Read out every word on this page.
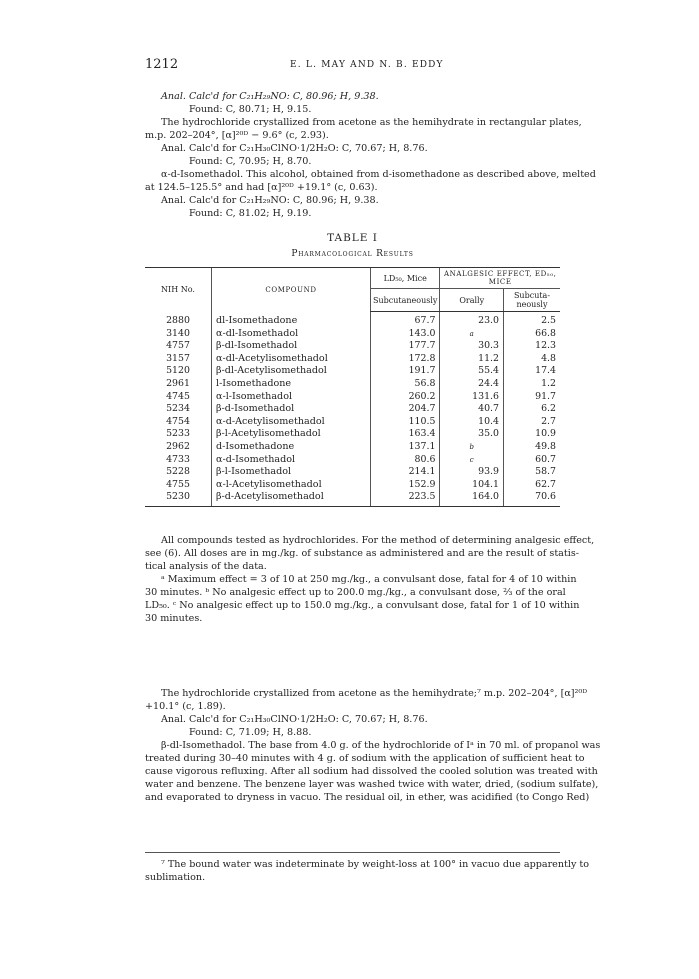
1212	E. L. MAY AND N. B. EDDY
Anal. Calc'd for C₂₁H₂₉NO: C, 80.96; H, 9.38.
Found: C, 80.71; H, 9.15.
The hydrochloride crystallized from acetone as the hemihydrate in rectangular plates,
m.p. 202–204°, [α]²⁰ᴰ − 9.6° (c, 2.93).
Anal. Calc'd for C₂₁H₃₀ClNO·1/2H₂O: C, 70.67; H, 8.76.
Found: C, 70.95; H, 8.70.
α-d-Isomethadol. This alcohol, obtained from d-isomethadone as described above, melted
at 124.5–125.5° and had [α]²⁰ᴰ +19.1° (c, 0.63).
Anal. Calc'd for C₂₁H₂₉NO: C, 80.96; H, 9.38.
Found: C, 81.02; H, 9.19.
TABLE I
Pharmacological Results
NIH No.	COMPOUND	LD₅₀, Mice	ANALGESIC EFFECT, ED₅₀, MICE	
		Subcutaneously	Orally	Subcuta-neously
2880	dl-Isomethadone	67.7	23.0	2.5
3140	α-dl-Isomethadol	143.0	a	66.8
4757	β-dl-Isomethadol	177.7	30.3	12.3
3157	α-dl-Acetylisomethadol	172.8	11.2	4.8
5120	β-dl-Acetylisomethadol	191.7	55.4	17.4
2961	l-Isomethadone	56.8	24.4	1.2
4745	α-l-Isomethadol	260.2	131.6	91.7
5234	β-d-Isomethadol	204.7	40.7	6.2
4754	α-d-Acetylisomethadol	110.5	10.4	2.7
5233	β-l-Acetylisomethadol	163.4	35.0	10.9
2962	d-Isomethadone	137.1	b	49.8
4733	α-d-Isomethadol	80.6	c	60.7
5228	β-l-Isomethadol	214.1	93.9	58.7
4755	α-l-Acetylisomethadol	152.9	104.1	62.7
5230	β-d-Acetylisomethadol	223.5	164.0	70.6
All compounds tested as hydrochlorides. For the method of determining analgesic effect,
see (6). All doses are in mg./kg. of substance as administered and are the result of statis-
tical analysis of the data.
ᵃ Maximum effect = 3 of 10 at 250 mg./kg., a convulsant dose, fatal for 4 of 10 within
30 minutes. ᵇ No analgesic effect up to 200.0 mg./kg., a convulsant dose, ⅔ of the oral
LD₅₀. ᶜ No analgesic effect up to 150.0 mg./kg., a convulsant dose, fatal for 1 of 10 within
30 minutes.
The hydrochloride crystallized from acetone as the hemihydrate;⁷ m.p. 202–204°, [α]²⁰ᴰ
+10.1° (c, 1.89).
Anal. Calc'd for C₂₁H₃₀ClNO·1/2H₂O: C, 70.67; H, 8.76.
Found: C, 71.09; H, 8.88.
β-dl-Isomethadol. The base from 4.0 g. of the hydrochloride of Iᵃ in 70 ml. of propanol was
treated during 30–40 minutes with 4 g. of sodium with the application of sufficient heat to
cause vigorous refluxing. After all sodium had dissolved the cooled solution was treated with
water and benzene. The benzene layer was washed twice with water, dried, (sodium sulfate),
and evaporated to dryness in vacuo. The residual oil, in ether, was acidified (to Congo Red)
⁷ The bound water was indeterminate by weight-loss at 100° in vacuo due apparently to
sublimation.
